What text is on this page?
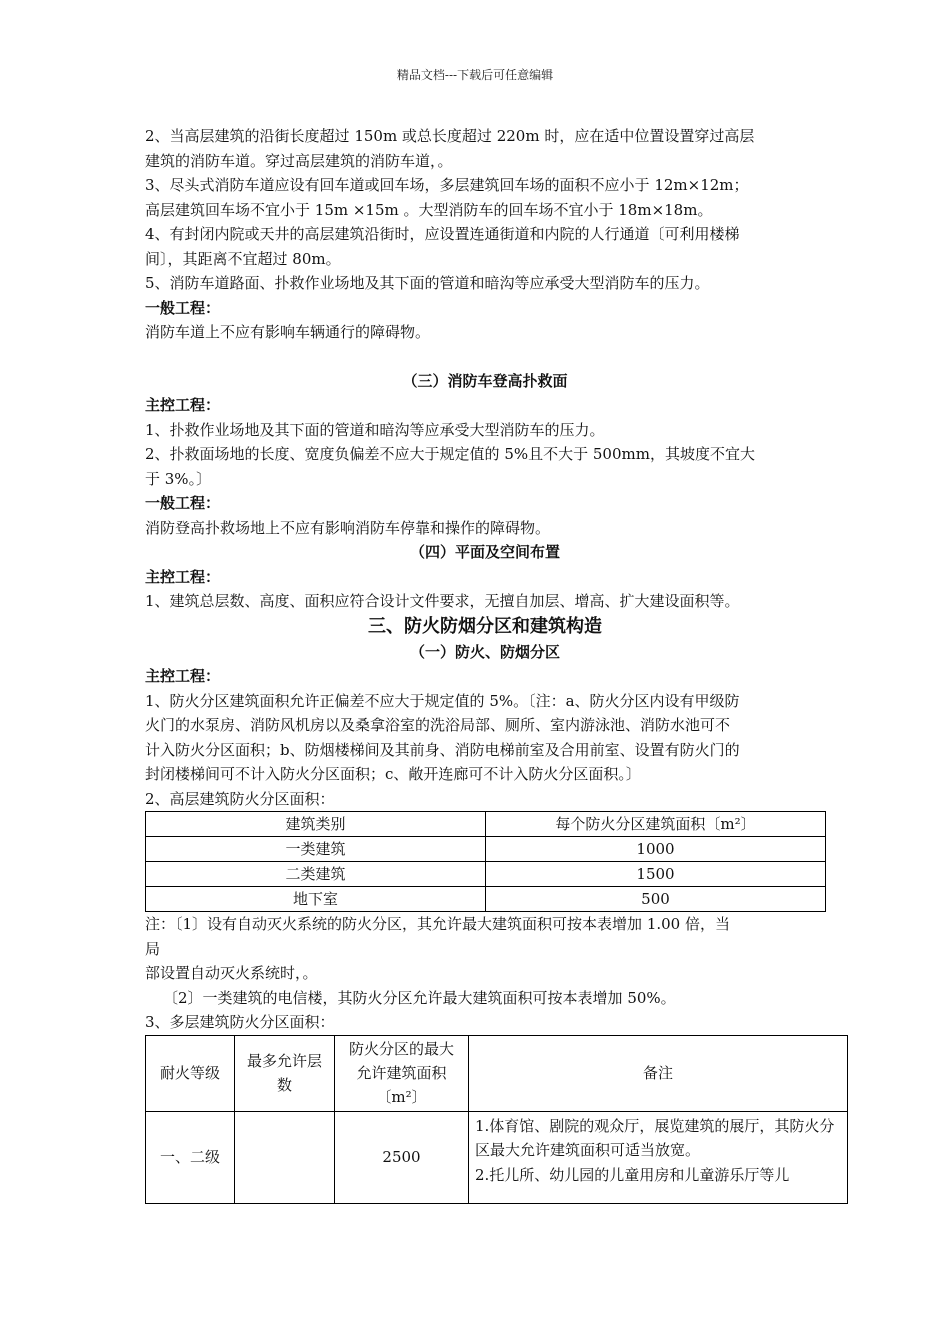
精品文档---下载后可任意编辑

2、当高层建筑的沿街长度超过 150m 或总长度超过 220m 时，应在适中位置设置穿过高层

建筑的消防车道。穿过高层建筑的消防车道，。

3、尽头式消防车道应设有回车道或回车场，多层建筑回车场的面积不应小于 12m×12m；

高层建筑回车场不宜小于 15m ×15m 。大型消防车的回车场不宜小于 18m×18m。

4、有封闭内院或天井的高层建筑沿街时，应设置连通街道和内院的人行通道〔可利用楼梯

间〕，其距离不宜超过 80m。

5、消防车道路面、扑救作业场地及其下面的管道和暗沟等应承受大型消防车的压力。

一般工程：

消防车道上不应有影响车辆通行的障碍物。

（三）消防车登高扑救面

主控工程：

1、扑救作业场地及其下面的管道和暗沟等应承受大型消防车的压力。

2、扑救面场地的长度、宽度负偏差不应大于规定值的 5%且不大于 500mm，其坡度不宜大

于 3%。〕

一般工程：

消防登高扑救场地上不应有影响消防车停靠和操作的障碍物。

（四）平面及空间布置

主控工程：

1、建筑总层数、高度、面积应符合设计文件要求，无擅自加层、增高、扩大建设面积等。

三、防火防烟分区和建筑构造

（一）防火、防烟分区

主控工程：

1、防火分区建筑面积允许正偏差不应大于规定值的 5%。〔注：a、防火分区内设有甲级防

火门的水泵房、消防风机房以及桑拿浴室的洗浴局部、厕所、室内游泳池、消防水池可不

计入防火分区面积；b、防烟楼梯间及其前身、消防电梯前室及合用前室、设置有防火门的

封闭楼梯间可不计入防火分区面积；c、敞开连廊可不计入防火分区面积。〕

2、高层建筑防火分区面积：

建筑类别	每个防火分区建筑面积〔m²〕
一类建筑	1000
二类建筑	1500
地下室	500

注：〔1〕设有自动灭火系统的防火分区，其允许最大建筑面积可按本表增加 1.00 倍，当

局

部设置自动灭火系统时，。

〔2〕一类建筑的电信楼，其防火分区允许最大建筑面积可按本表增加 50%。

3、多层建筑防火分区面积：

耐火等级	最多允许层数	防火分区的最大允许建筑面积〔m²〕	备注
一、二级		2500	1.体育馆、剧院的观众厅，展览建筑的展厅，其防火分区最大允许建筑面积可适当放宽。
2.托儿所、幼儿园的儿童用房和儿童游乐厅等儿
